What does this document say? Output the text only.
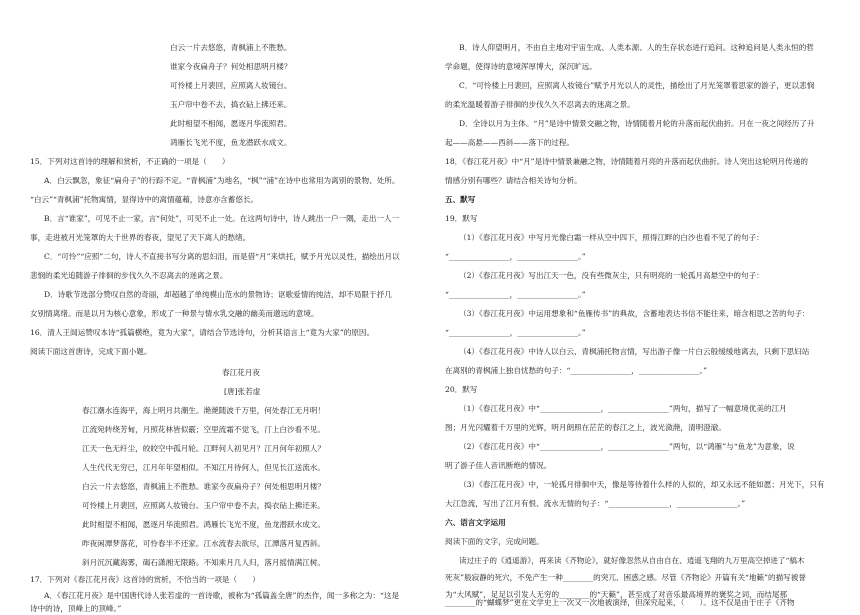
白云一片去悠悠，青枫浦上不胜愁。
谁家今夜扁舟子？何处相思明月楼？
可怜楼上月裴回，应照离人妆镜台。
玉户帘中卷不去，捣衣砧上拂还来。
此时相望不相闻，愿逐月华流照君。
鸿雁长飞光不度，鱼龙潜跃水成文。
15．下列对这首诗的理解和赏析，不正确的一项是（　　）
A．白云飘忽，象征“扁舟子”的行踪不定。“青枫浦”为地名，“枫”“浦”在诗中也常用为离别的景物、处所。
“白云”“青枫浦”托物寓情，显得诗中的离情蕴藉，诗意亦含蓄悠长。
B．言“谁家”，可见不止一家，言“何处”，可见不止一处。在这两句诗中，诗人跳出一户一隅，走出一人一
事，走进被月光笼罩的大千世界的春夜，望见了天下离人的愁绪。
C．“可怜”“应照”二句，诗人不直接书写分离的思妇泪，而是借“月”来烘托，赋予月光以灵性，描绘出月以
悲悯的柔光追随游子徘徊的步伐久久不忍离去的迷离之景。
D．诗歌节选部分赞叹自然的奇丽，却超越了单纯模山范水的景物诗；讴歌爱情的纯洁，却不局限于抒几
女别情离绪。而是以月为核心意象，形成了一种景与情水乳交融的幽美而邈远的意境。
16．清人王闿运赞叹本诗“孤篇横绝，竟为大家”，请结合节选诗句，分析其语言上“竟为大家”的原因。
阅读下面这首唐诗，完成下面小题。
春江花月夜
[唐]张若虚
春江潮水连海平，海上明月共潮生。滟滟随波千万里，何处春江无月明！
江流宛转绕芳甸，月照花林皆似霰；空里流霜不觉飞，汀上白沙看不见。
江天一色无纤尘，皎皎空中孤月轮。江畔何人初见月？江月何年初照人？
人生代代无穷已，江月年年望相似。不知江月待何人，但见长江送流水。
白云一片去悠悠，青枫浦上不胜愁。谁家今夜扁舟子？何处相思明月楼？
可怜楼上月裴回，应照离人妆镜台。玉户帘中卷不去，捣衣砧上拂还来。
此时相望不相闻，愿逐月华流照君。鸿雁长飞光不度，鱼龙潜跃水成文。
昨夜闲潭梦落花，可怜春半不还家。江水流春去欲尽，江潭落月复西斜。
斜月沉沉藏海雾，碣石潇湘无限路。不知乘月几人归，落月摇情满江树。
17．下列对《春江花月夜》这首诗的赏析，不恰当的一项是（　　）
A．《春江花月夜》是中国唐代诗人张若虚的一首诗歌，被称为“孤篇盖全唐”的杰作，闻一多称之为：“这是
诗中的诗，顶峰上的顶峰。”
B．诗人仰望明月，不由自主地对宇宙生成、人类本源、人的生存状态进行追问。这种追问是人类永恒的哲
学命题，使得诗的意境浑厚博大，深沉旷远。
C．“可怜楼上月裴回，应照离人妆镜台”赋予月光以人的灵性，描绘出了月光笼罩着思家的游子，更以悲悯
的柔光温暖着游子徘徊的步伐久久不忍离去的迷离之景。
D．全诗以月为主体。“月”是诗中情景交融之物，诗情随着月轮的升落而起伏曲折。月在一夜之间经历了升
起——高悬——西斜——落下的过程。
18．《春江花月夜》中“月”是诗中情景兼融之物，诗情随着月亮的升落而起伏曲折。诗人突出这轮明月传递的
情感分别有哪些？请结合相关诗句分析。
五、默写
19．默写
（1）《春江花月夜》中写月光像白霜一样从空中四下，照得江畔的白沙也看不见了的句子：
“________________，________________。”
（2）《春江花月夜》写出江天一色，没有些微灰尘，只有明亮的一轮孤月高悬空中的句子：
“________________，________________。”
（3）《春江花月夜》中运用想象和“鱼雁传书”的典故，含蓄地表达书信不能往来，暗含相思之苦的句子：
“________________，________________。”
（4）《春江花月夜》中诗人以白云、青枫浦托物言情，写出游子像一片白云般缓缓地离去，只剩下思妇站
在离别的青枫浦上独自忧愁的句子：“________________，________________。”
20．默写
（1）《春江花月夜》中“________________，________________”两句，描写了一幅意境优美的江月
图；月光闪耀着千万里的光辉，明月朗照在茫茫的春江之上，波光潋滟，清明澄澈。
（2）《春江花月夜》中“________________，________________”两句，以“鸿雁”与“鱼龙”为意象，说
明了游子佳人音讯断绝的情况。
（3）《春江花月夜》中，一轮孤月徘徊中天，像是等待着什么样的人似的，却又永远不能如愿；月光下，只有
大江急流，写出了江月有恨、流水无情的句子：“________________，________________。”
六、语言文字运用
阅读下面的文字，完成问题。
读过庄子的《逍遥游》，再来读《齐物论》，就好像忽然从自由自在、逍遥飞翔的九万里高空掉进了“槁木
死灰”般寂静的死穴，不免产生一种________的突兀、困惑之感。尽管《齐物论》开篇有关“地籁”的描写被誉
为“大风赋”，足足以引发人无穷的________的“天籁”，甚至成了对音乐最高境界的褒奖之词，而结尾那
________的“蝴蝶梦”更在文学史上一次又一次地被演绎，但深究起来，（　　）。这不仅是由于庄子《齐物
